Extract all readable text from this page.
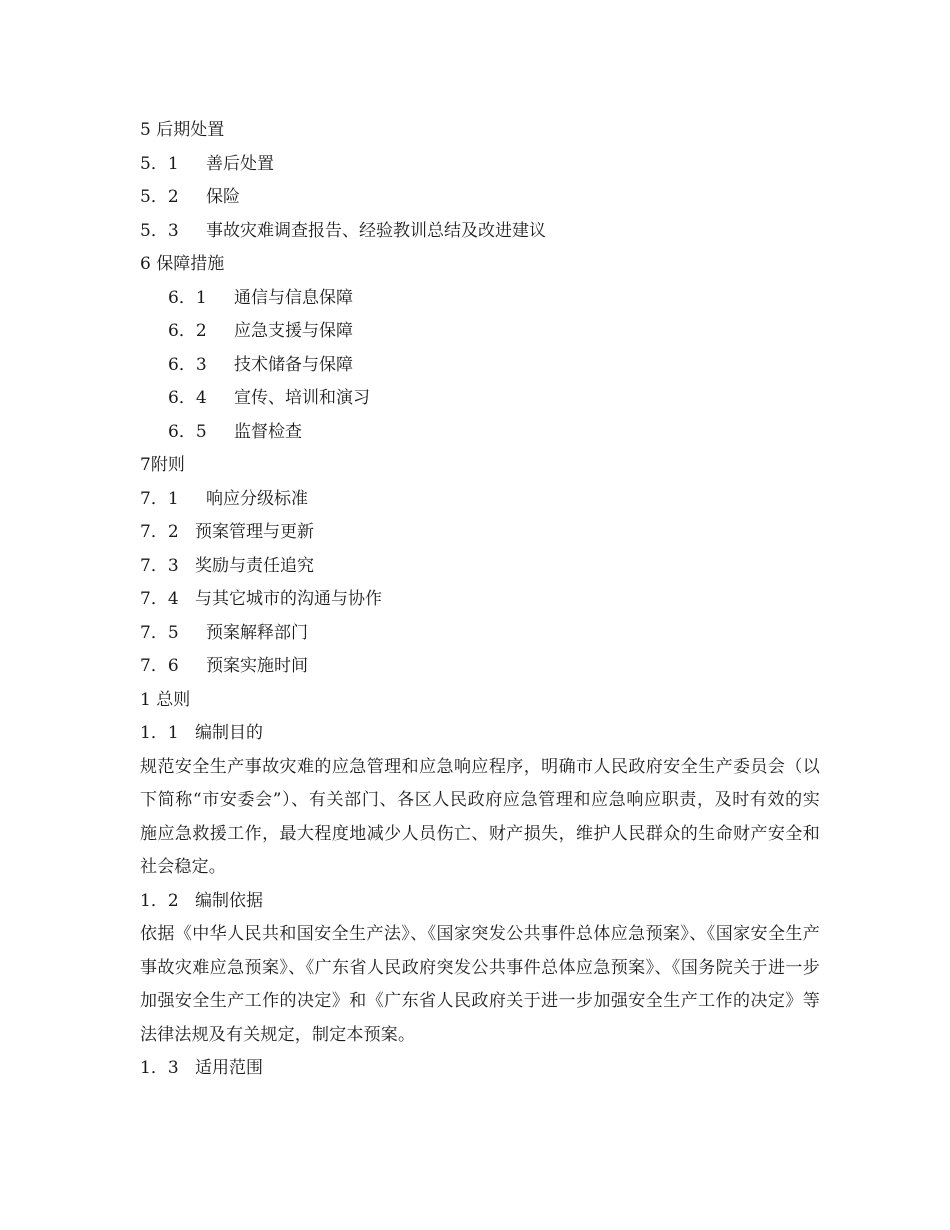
5 后期处置
5．1 善后处置
5．2 保险
5．3 事故灾难调查报告、经验教训总结及改进建议
6 保障措施
6．1 通信与信息保障
6．2 应急支援与保障
6．3 技术储备与保障
6．4 宣传、培训和演习
6．5 监督检查
7附则
7．1 响应分级标准
7．2 预案管理与更新
7．3 奖励与责任追究
7．4 与其它城市的沟通与协作
7．5 预案解释部门
7．6 预案实施时间
1 总则
1．1 编制目的
规范安全生产事故灾难的应急管理和应急响应程序，明确市人民政府安全生产委员会（以下简称“市安委会”）、有关部门、各区人民政府应急管理和应急响应职责，及时有效的实施应急救援工作，最大程度地减少人员伤亡、财产损失，维护人民群众的生命财产安全和社会稳定。
1．2 编制依据
依据《中华人民共和国安全生产法》、《国家突发公共事件总体应急预案》、《国家安全生产事故灾难应急预案》、《广东省人民政府突发公共事件总体应急预案》、《国务院关于进一步加强安全生产工作的决定》和《广东省人民政府关于进一步加强安全生产工作的决定》等法律法规及有关规定，制定本预案。
1．3 适用范围
